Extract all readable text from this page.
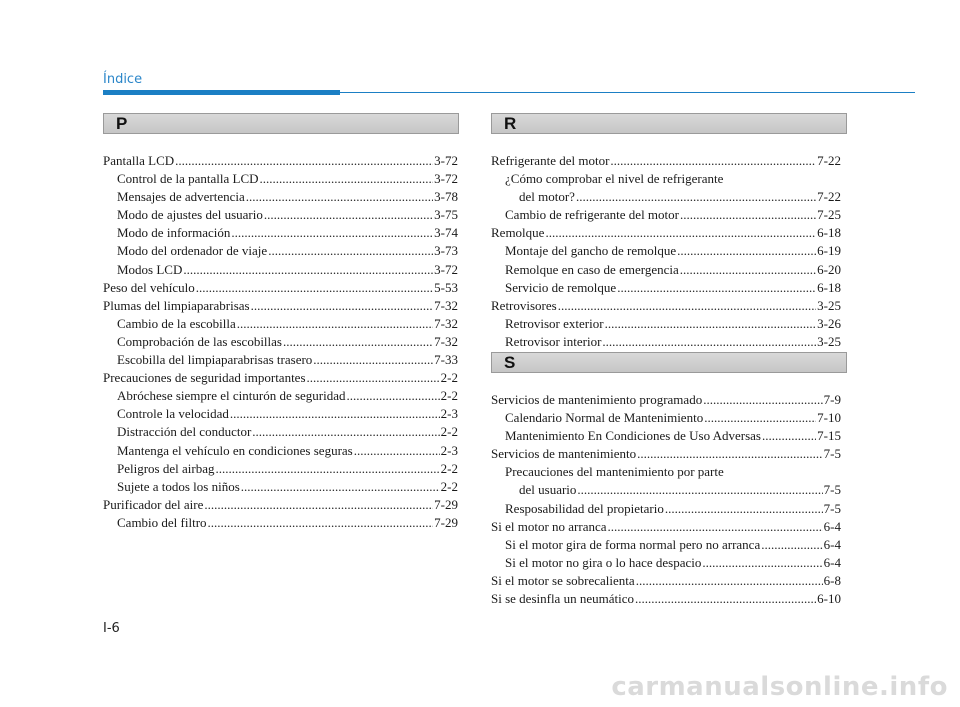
Índice
P	R
S
Pantalla LCD .....	3-72
Control de la pantalla LCD .....	3-72
Mensajes de advertencia .....	3-78
Modo de ajustes del usuario .....	3-75
Modo de información .....	3-74
Modo del ordenador de viaje .....	3-73
Modos LCD .....	3-72
Peso del vehículo .....	5-53
Plumas del limpiaparabrisas .....	7-32
Cambio de la escobilla .....	7-32
Comprobación de las escobillas .....	7-32
Escobilla del limpiaparabrisas trasero .....	7-33
Precauciones de seguridad importantes .....	2-2
Abróchese siempre el cinturón de seguridad .....	2-2
Controle la velocidad .....	2-3
Distracción del conductor .....	2-2
Mantenga el vehículo en condiciones seguras .....	2-3
Peligros del airbag .....	2-2
Sujete a todos los niños .....	2-2
Purificador del aire .....	7-29
Cambio del filtro .....	7-29
Refrigerante del motor .....	7-22
¿Cómo comprobar el nivel de refrigerante
del motor? .....	7-22
Cambio de refrigerante del motor .....	7-25
Remolque .....	6-18
Montaje del gancho de remolque .....	6-19
Remolque en caso de emergencia .....	6-20
Servicio de remolque .....	6-18
Retrovisores .....	3-25
Retrovisor exterior .....	3-26
Retrovisor interior .....	3-25
Servicios de mantenimiento programado .....	7-9
Calendario Normal de Mantenimiento .....	7-10
Mantenimiento En Condiciones de Uso Adversas .....	7-15
Servicios de mantenimiento .....	7-5
Precauciones del mantenimiento por parte
del usuario .....	7-5
Resposabilidad del propietario .....	7-5
Si el motor no arranca .....	6-4
Si el motor gira de forma normal pero no arranca .....	6-4
Si el motor no gira o lo hace despacio .....	6-4
Si el motor se sobrecalienta .....	6-8
Si se desinfla un neumático .....	6-10
I-6
carmanualsonline.info
